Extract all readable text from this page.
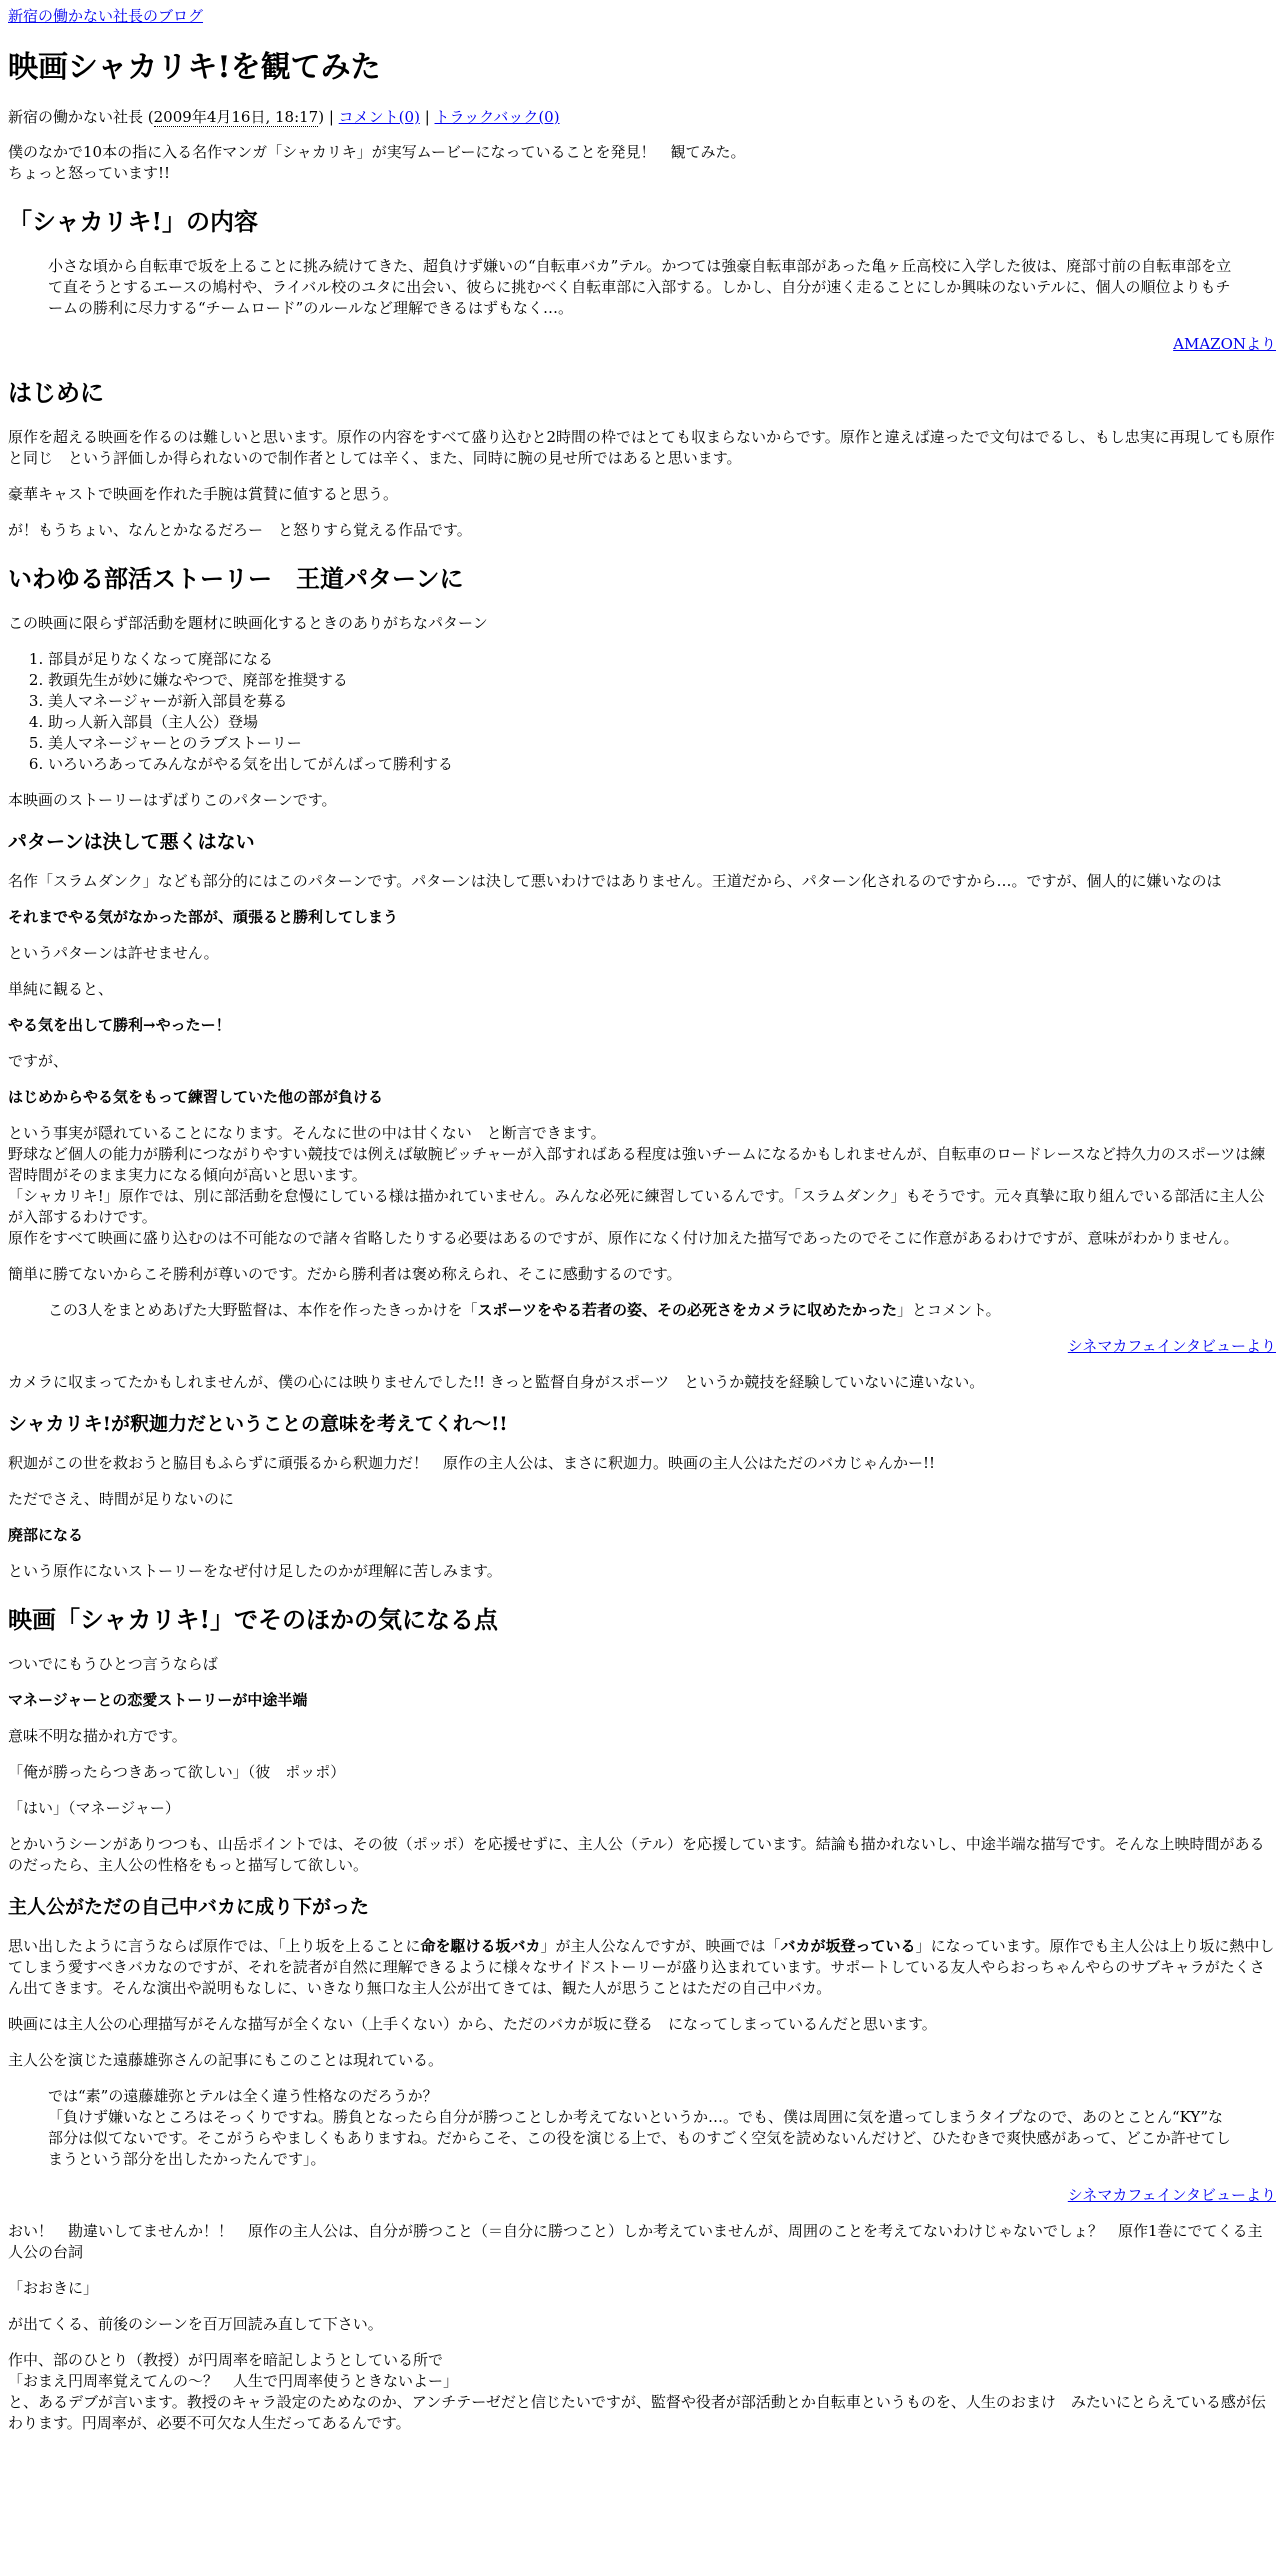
新宿の働かない社長のブログ
映画シャカリキ!を観てみた

新宿の働かない社長 (2009年4月16日, 18:17) | コメント(0) | トラックバック(0)

僕のなかで10本の指に入る名作マンガ「シャカリキ」が実写ムービーになっていることを発見！　観てみた。
ちょっと怒っています!!

「シャカリキ!」の内容
小さな頃から自転車で坂を上ることに挑み続けてきた、超負けず嫌いの“自転車バカ”テル。かつては強豪自転車部があった亀ヶ丘高校に入学した彼は、廃部寸前の自転車部を立て直そうとするエースの鳩村や、ライバル校のユタに出会い、彼らに挑むべく自転車部に入部する。しかし、自分が速く走ることにしか興味のないテルに、個人の順位よりもチームの勝利に尽力する“チームロード”のルールなど理解できるはずもなく…。
AMAZONより
はじめに

原作を超える映画を作るのは難しいと思います。原作の内容をすべて盛り込むと2時間の枠ではとても収まらないからです。原作と違えば違ったで文句はでるし、もし忠実に再現しても原作と同じ　という評価しか得られないので制作者としては辛く、また、同時に腕の見せ所ではあると思います。

豪華キャストで映画を作れた手腕は賞賛に値すると思う。

が！もうちょい、なんとかなるだろー　と怒りすら覚える作品です。

いわゆる部活ストーリー　王道パターンに

この映画に限らず部活動を題材に映画化するときのありがちなパターン

1. 部員が足りなくなって廃部になる
2. 教頭先生が妙に嫌なやつで、廃部を推奨する
3. 美人マネージャーが新入部員を募る
4. 助っ人新入部員（主人公）登場
5. 美人マネージャーとのラブストーリー
6. いろいろあってみんながやる気を出してがんばって勝利する

本映画のストーリーはずばりこのパターンです。

パターンは決して悪くはない

名作「スラムダンク」なども部分的にはこのパターンです。パターンは決して悪いわけではありません。王道だから、パターン化されるのですから…。ですが、個人的に嫌いなのは

それまでやる気がなかった部が、頑張ると勝利してしまう

というパターンは許せません。

単純に観ると、

やる気を出して勝利→やったー！

ですが、

はじめからやる気をもって練習していた他の部が負ける

という事実が隠れていることになります。そんなに世の中は甘くない　と断言できます。
野球など個人の能力が勝利につながりやすい競技では例えば敏腕ピッチャーが入部すればある程度は強いチームになるかもしれませんが、自転車のロードレースなど持久力のスポーツは練習時間がそのまま実力になる傾向が高いと思います。
「シャカリキ!」原作では、別に部活動を怠慢にしている様は描かれていません。みんな必死に練習しているんです。「スラムダンク」もそうです。元々真摯に取り組んでいる部活に主人公が入部するわけです。
原作をすべて映画に盛り込むのは不可能なので諸々省略したりする必要はあるのですが、原作になく付け加えた描写であったのでそこに作意があるわけですが、意味がわかりません。

簡単に勝てないからこそ勝利が尊いのです。だから勝利者は褒め称えられ、そこに感動するのです。

この3人をまとめあげた大野監督は、本作を作ったきっかけを「スポーツをやる若者の姿、その必死さをカメラに収めたかった」とコメント。
シネマカフェインタビューより

カメラに収まってたかもしれませんが、僕の心には映りませんでした!! きっと監督自身がスポーツ　というか競技を経験していないに違いない。

シャカリキ!が釈迦力だということの意味を考えてくれ〜!!

釈迦がこの世を救おうと脇目もふらずに頑張るから釈迦力だ！　原作の主人公は、まさに釈迦力。映画の主人公はただのバカじゃんかー!!

ただでさえ、時間が足りないのに

廃部になる

という原作にないストーリーをなぜ付け足したのかが理解に苦しみます。

映画「シャカリキ!」でそのほかの気になる点

ついでにもうひとつ言うならば

マネージャーとの恋愛ストーリーが中途半端

意味不明な描かれ方です。

「俺が勝ったらつきあって欲しい」（彼　ポッポ）

「はい」（マネージャー）

とかいうシーンがありつつも、山岳ポイントでは、その彼（ポッポ）を応援せずに、主人公（テル）を応援しています。結論も描かれないし、中途半端な描写です。そんな上映時間があるのだったら、主人公の性格をもっと描写して欲しい。

主人公がただの自己中バカに成り下がった

思い出したように言うならば原作では、「上り坂を上ることに命を駆ける坂バカ」が主人公なんですが、映画では「バカが坂登っている」になっています。原作でも主人公は上り坂に熱中してしまう愛すべきバカなのですが、それを読者が自然に理解できるように様々なサイドストーリーが盛り込まれています。サポートしている友人やらおっちゃんやらのサブキャラがたくさん出てきます。そんな演出や説明もなしに、いきなり無口な主人公が出てきては、観た人が思うことはただの自己中バカ。

映画には主人公の心理描写がそんな描写が全くない（上手くない）から、ただのバカが坂に登る　になってしまっているんだと思います。

主人公を演じた遠藤雄弥さんの記事にもこのことは現れている。

では“素”の遠藤雄弥とテルは全く違う性格なのだろうか？
「負けず嫌いなところはそっくりですね。勝負となったら自分が勝つことしか考えてないというか…。でも、僕は周囲に気を遣ってしまうタイプなので、あのとことん“KY”な部分は似てないです。そこがうらやましくもありますね。だからこそ、この役を演じる上で、ものすごく空気を読めないんだけど、ひたむきで爽快感があって、どこか許せてしまうという部分を出したかったんです」。
シネマカフェインタビューより

おい！　勘違いしてませんか！！　原作の主人公は、自分が勝つこと（＝自分に勝つこと）しか考えていませんが、周囲のことを考えてないわけじゃないでしょ？　原作1巻にでてくる主人公の台詞

「おおきに」

が出てくる、前後のシーンを百万回読み直して下さい。

作中、部のひとり（教授）が円周率を暗記しようとしている所で
「おまえ円周率覚えてんの〜？　人生で円周率使うときないよー」
と、あるデブが言います。教授のキャラ設定のためなのか、アンチテーゼだと信じたいですが、監督や役者が部活動とか自転車というものを、人生のおまけ　みたいにとらえている感が伝わります。円周率が、必要不可欠な人生だってあるんです。
